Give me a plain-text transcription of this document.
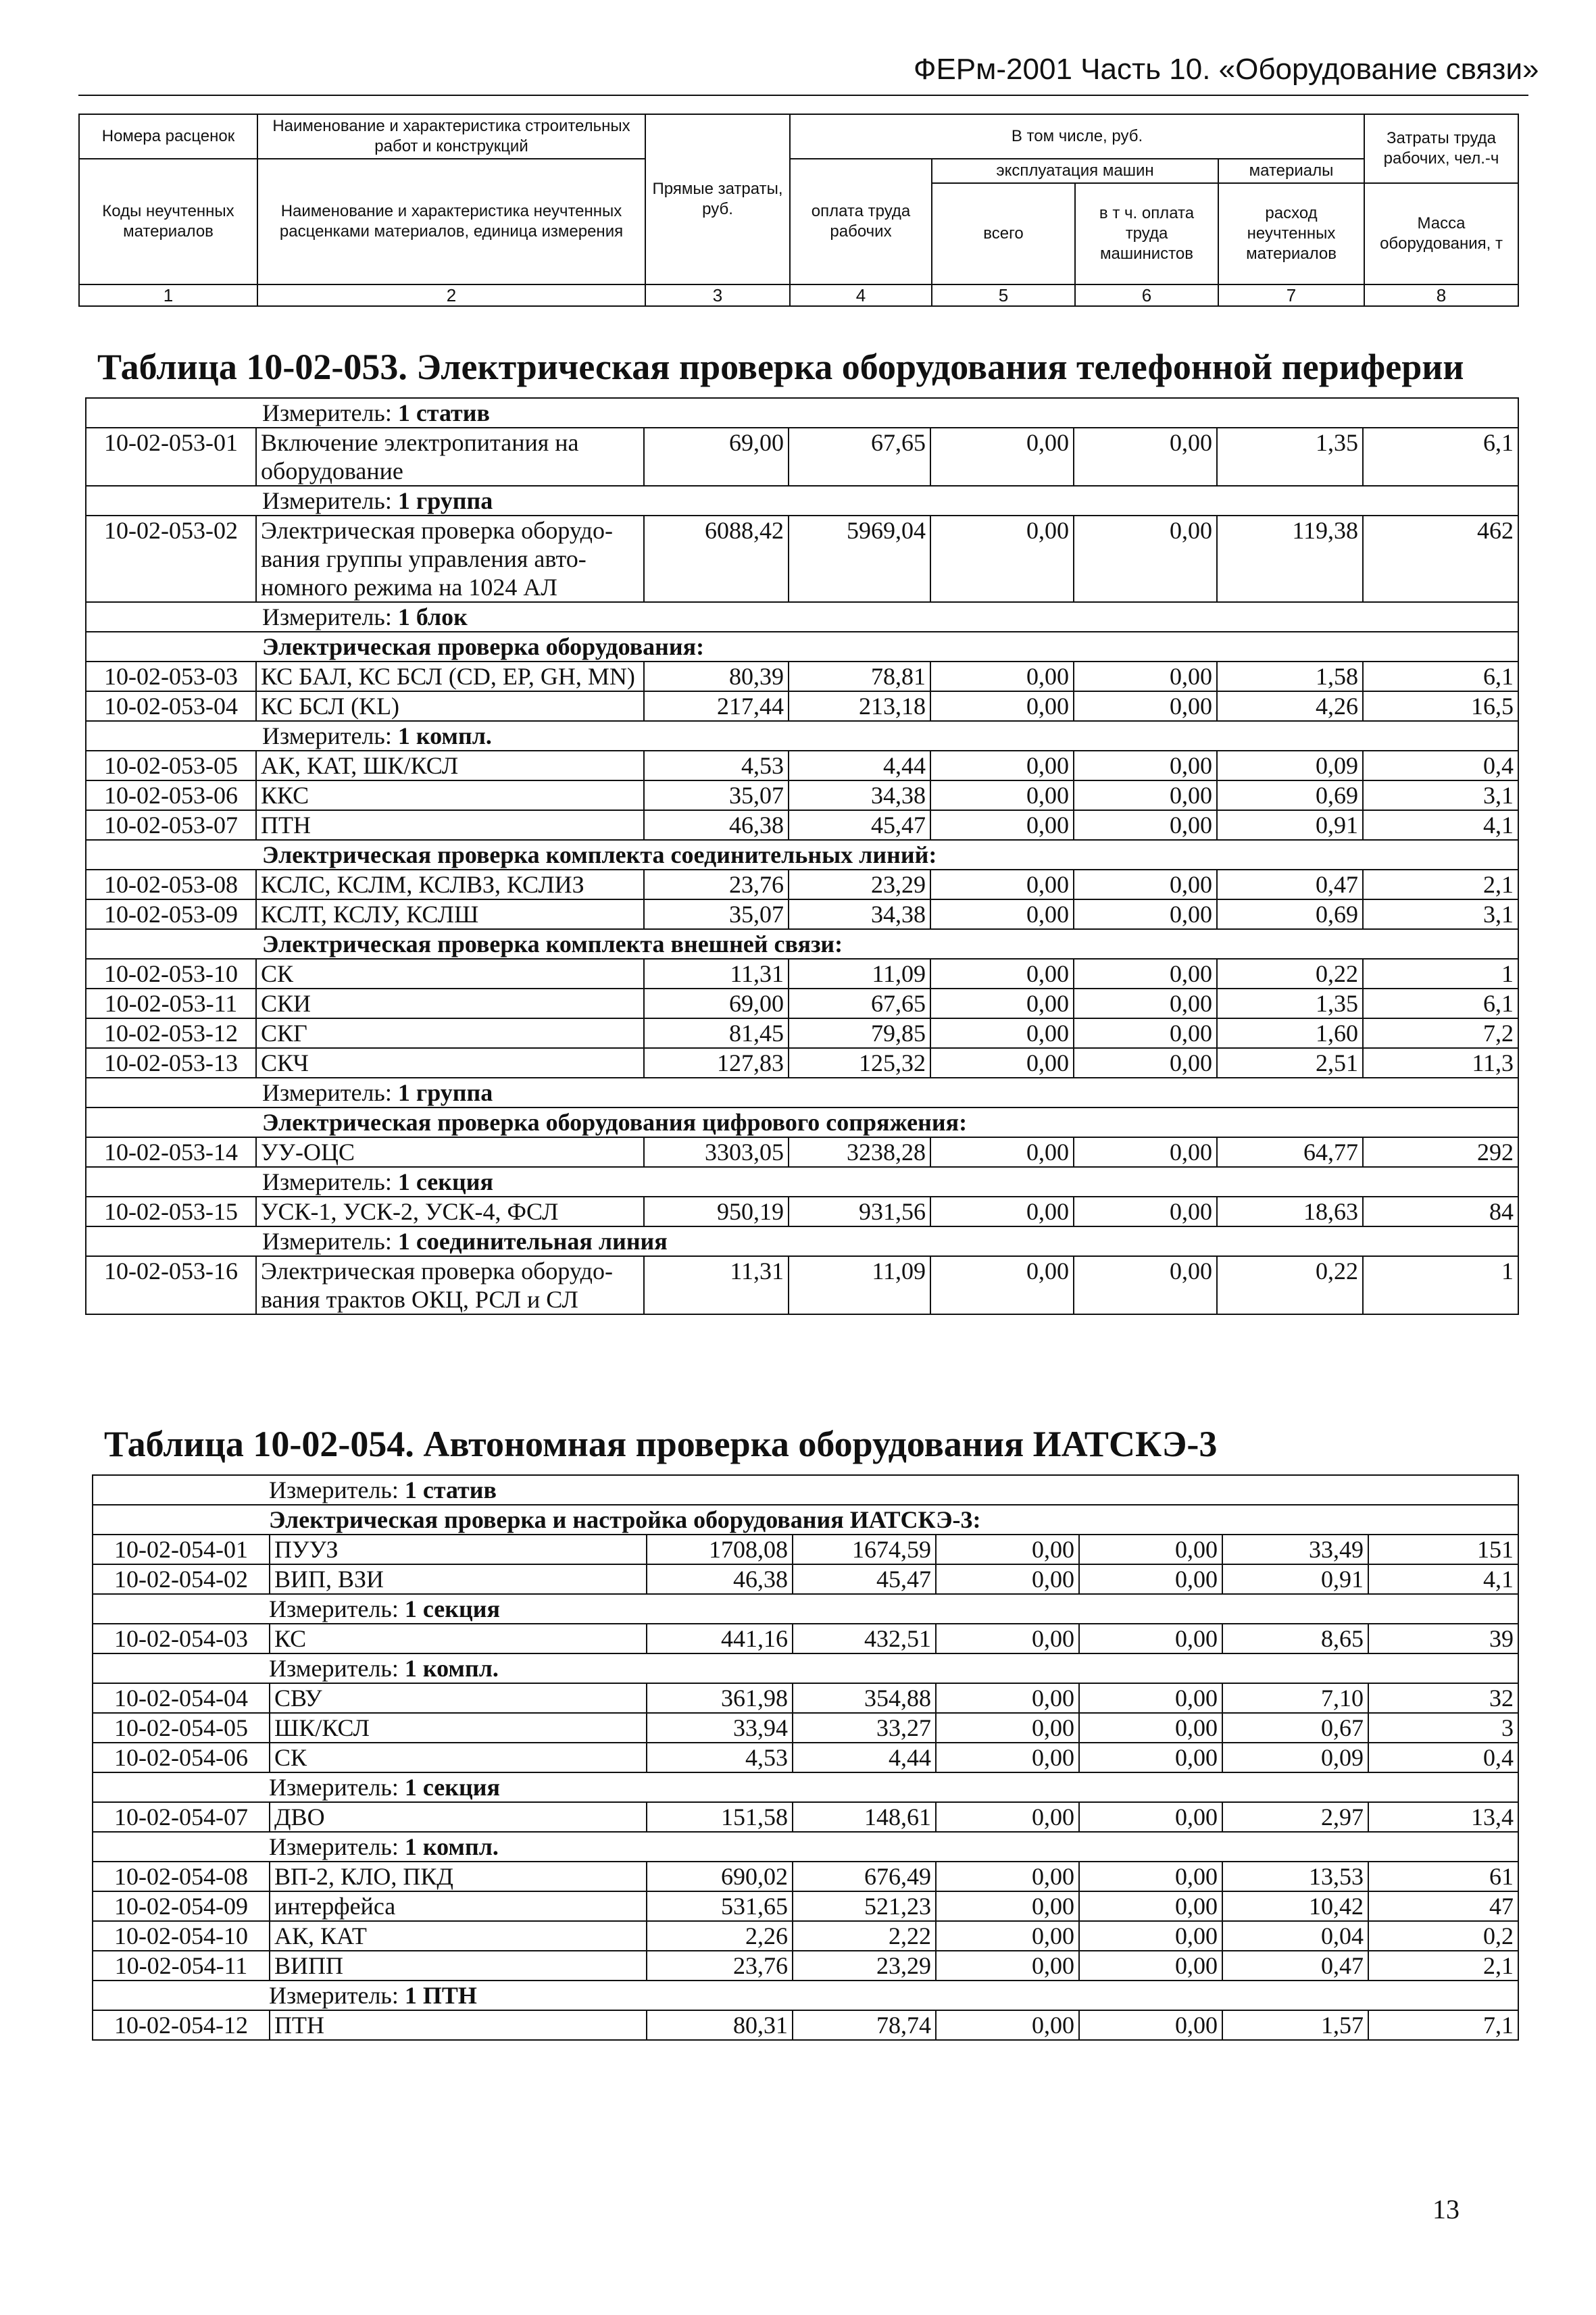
ФЕРм-2001 Часть 10. «Оборудование связи»
Номера расценок	Наименование и характеристика строительных работ и конструкций	Прямые затраты, руб.	В том числе, руб.				Затраты труда рабочих, чел.-ч
Коды неучтенных материалов	Наименование и характеристика неучтенных расценками материалов, единица измерения		оплата труда рабочих	эксплуатация машин		материалы	
				всего	в т ч. оплата труда машинистов	расход неучтенных материалов	Масса оборудования, т
1	2	3	4	5	6	7	8
Таблица 10-02-053. Электрическая проверка оборудования телефонной периферии
Измеритель: 1 статив							
10-02-053-01	Включение электропитания на оборудование	69,00	67,65	0,00	0,00	1,35	6,1
Измеритель: 1 группа							
10-02-053-02	Электрическая проверка оборудо-вания группы управления авто-номного режима на 1024 АЛ	6088,42	5969,04	0,00	0,00	119,38	462
Измеритель: 1 блок							
Электрическая проверка оборудования:							
10-02-053-03	КС БАЛ, КС БСЛ (CD, EP, GH, MN)	80,39	78,81	0,00	0,00	1,58	6,1
10-02-053-04	КС БСЛ (KL)	217,44	213,18	0,00	0,00	4,26	16,5
Измеритель: 1 компл.							
10-02-053-05	АК, КАТ, ШК/КСЛ	4,53	4,44	0,00	0,00	0,09	0,4
10-02-053-06	ККС	35,07	34,38	0,00	0,00	0,69	3,1
10-02-053-07	ПТН	46,38	45,47	0,00	0,00	0,91	4,1
Электрическая проверка комплекта соединительных линий:							
10-02-053-08	КСЛС, КСЛМ, КСЛВЗ, КСЛИЗ	23,76	23,29	0,00	0,00	0,47	2,1
10-02-053-09	КСЛТ, КСЛУ, КСЛШ	35,07	34,38	0,00	0,00	0,69	3,1
Электрическая проверка комплекта внешней связи:							
10-02-053-10	СК	11,31	11,09	0,00	0,00	0,22	1
10-02-053-11	СКИ	69,00	67,65	0,00	0,00	1,35	6,1
10-02-053-12	СКГ	81,45	79,85	0,00	0,00	1,60	7,2
10-02-053-13	СКЧ	127,83	125,32	0,00	0,00	2,51	11,3
Измеритель: 1 группа							
Электрическая проверка оборудования цифрового сопряжения:							
10-02-053-14	УУ-ОЦС	3303,05	3238,28	0,00	0,00	64,77	292
Измеритель: 1 секция							
10-02-053-15	УСК-1, УСК-2, УСК-4, ФСЛ	950,19	931,56	0,00	0,00	18,63	84
Измеритель: 1 соединительная линия							
10-02-053-16	Электрическая проверка оборудо-вания трактов ОКЦ, РСЛ и СЛ	11,31	11,09	0,00	0,00	0,22	1
Таблица 10-02-054. Автономная проверка оборудования ИАТСКЭ-3
Измеритель: 1 статив							
Электрическая проверка и настройка оборудования ИАТСКЭ-3:							
10-02-054-01	ПУУЗ	1708,08	1674,59	0,00	0,00	33,49	151
10-02-054-02	ВИП, ВЗИ	46,38	45,47	0,00	0,00	0,91	4,1
Измеритель: 1 секция							
10-02-054-03	КС	441,16	432,51	0,00	0,00	8,65	39
Измеритель: 1 компл.							
10-02-054-04	СВУ	361,98	354,88	0,00	0,00	7,10	32
10-02-054-05	ШК/КСЛ	33,94	33,27	0,00	0,00	0,67	3
10-02-054-06	СК	4,53	4,44	0,00	0,00	0,09	0,4
Измеритель: 1 секция							
10-02-054-07	ДВО	151,58	148,61	0,00	0,00	2,97	13,4
Измеритель: 1 компл.							
10-02-054-08	ВП-2, КЛО, ПКД	690,02	676,49	0,00	0,00	13,53	61
10-02-054-09	интерфейса	531,65	521,23	0,00	0,00	10,42	47
10-02-054-10	АК, КАТ	2,26	2,22	0,00	0,00	0,04	0,2
10-02-054-11	ВИПП	23,76	23,29	0,00	0,00	0,47	2,1
Измеритель: 1 ПТН							
10-02-054-12	ПТН	80,31	78,74	0,00	0,00	1,57	7,1
13
